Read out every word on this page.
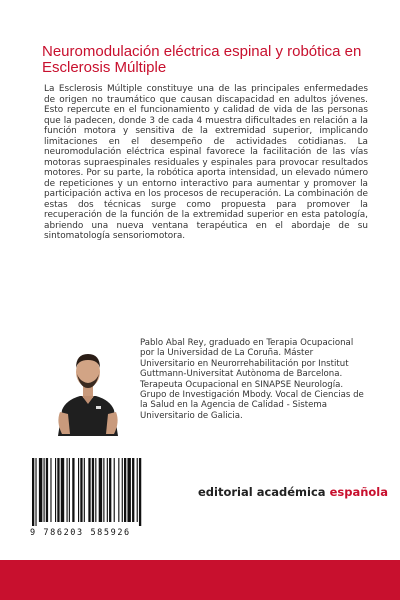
Neuromodulación eléctrica espinal y robótica en Esclerosis Múltiple

La Esclerosis Múltiple constituye una de las principales enfermedades de origen no traumático que causan discapacidad en adultos jóvenes. Esto repercute en el funcionamiento y calidad de vida de las personas que la padecen, donde 3 de cada 4 muestra dificultades en relación a la función motora y sensitiva de la extremidad superior, implicando limitaciones en el desempeño de actividades cotidianas. La neuromodulación eléctrica espinal favorece la facilitación de las vías motoras supraespinales residuales y espinales para provocar resultados motores. Por su parte, la robótica aporta intensidad, un elevado número de repeticiones y un entorno interactivo para aumentar y promover la participación activa en los procesos de recuperación. La combinación de estas dos técnicas surge como propuesta para promover la recuperación de la función de la extremidad superior en esta patología, abriendo una nueva ventana terapéutica en el abordaje de su sintomatología sensoriomotora.

Pablo Abal Rey, graduado en Terapia Ocupacional por la Universidad de La Coruña. Máster Universitario en Neurorrehabilitación por Institut Guttmann-Universitat Autònoma de Barcelona. Terapeuta Ocupacional en SINAPSE Neurología. Grupo de Investigación Mbody. Vocal de Ciencias de la Salud en la Agencia de Calidad - Sistema Universitario de Galicia.

9 786203 585926
editorial académica española
